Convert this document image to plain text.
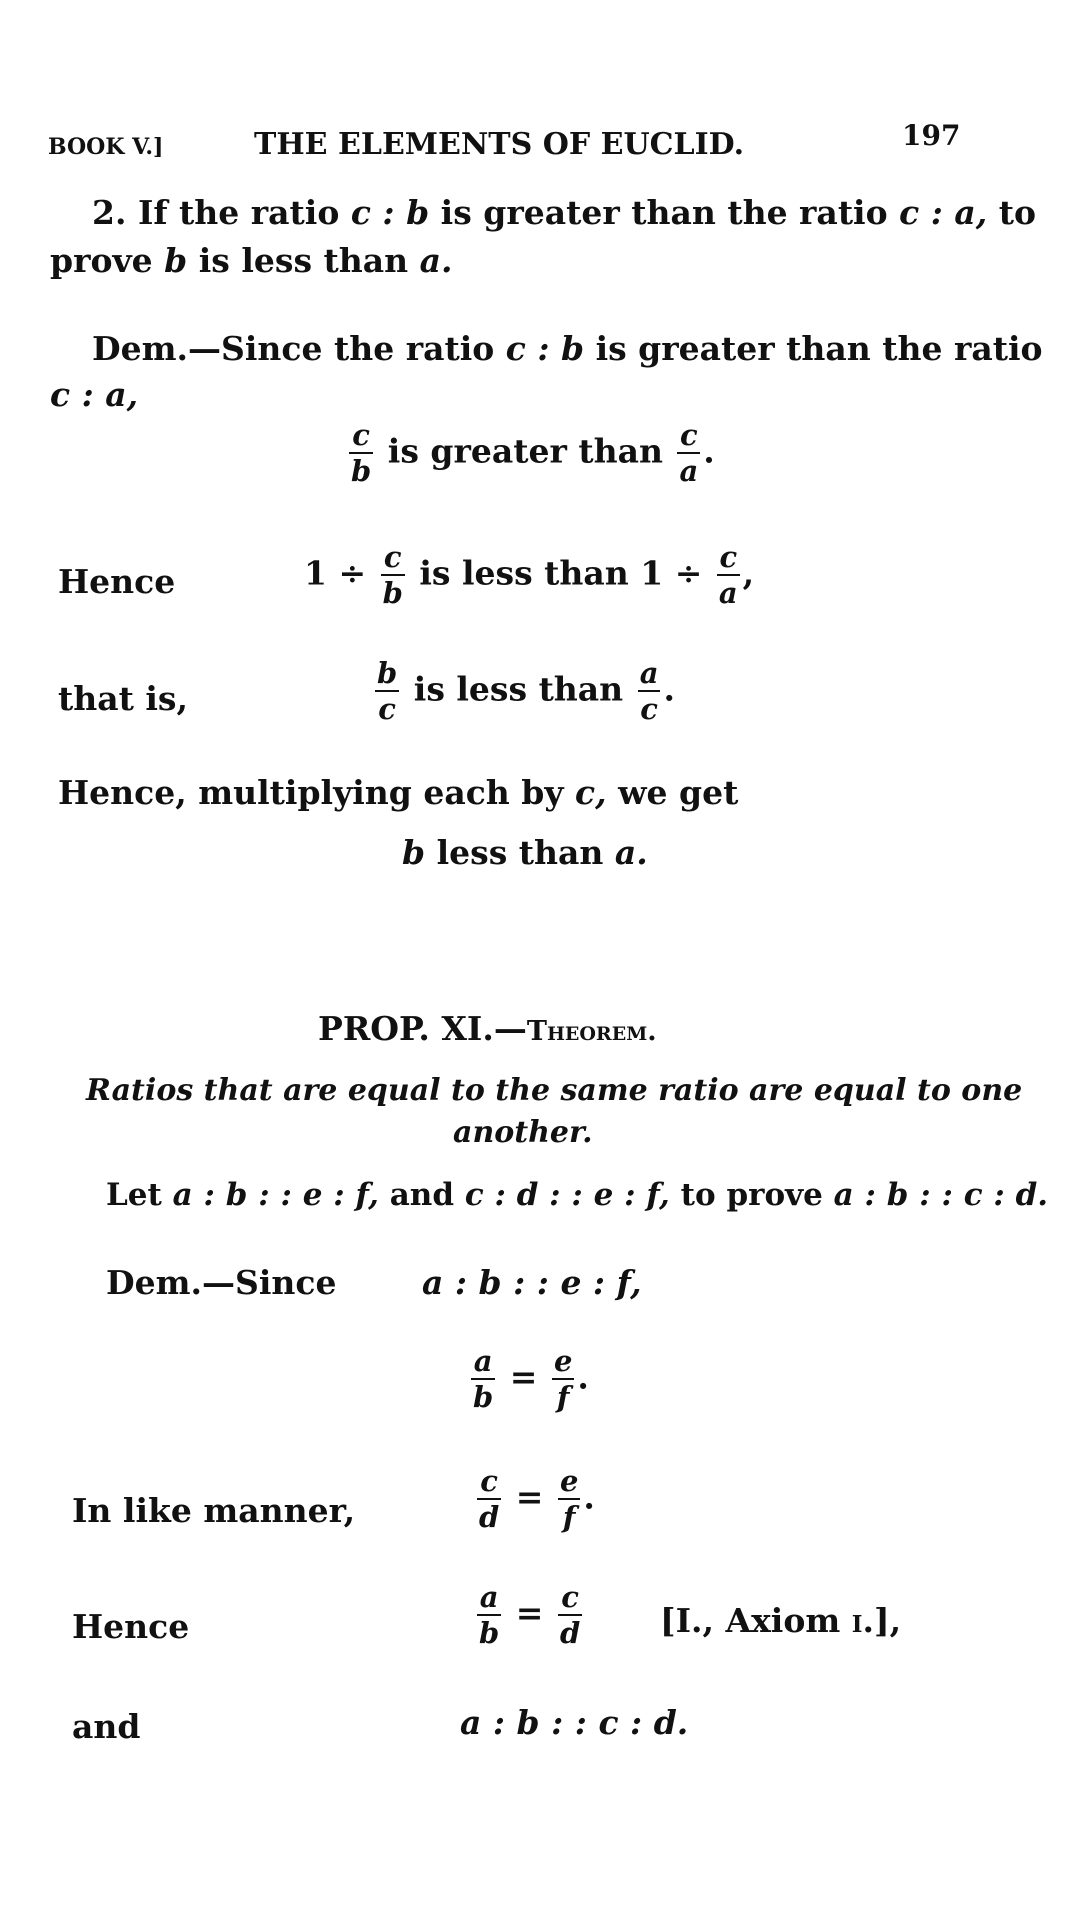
BOOK V.]	THE ELEMENTS OF EUCLID.	197
2. If the ratio c : b is greater than the ratio c : a, to
prove b is less than a.
Dem.—Since the ratio c : b is greater than the ratio
c : a,
$\frac{c}{b}$ is greater than $\frac{c}{a}$ .
Hence	$1 \div \frac{c}{b}$ is less than $1 \div \frac{c}{a}$ ,
that is,	$\frac{b}{c}$ is less than $\frac{a}{c}$ .
Hence, multiplying each by c, we get
b less than a.
PROP. XI.—Theorem.
Ratios that are equal to the same ratio are equal to one
another.
Let a : b : : e : f, and c : d : : e : f, to prove a : b : : c : d.
Dem.—Since	a : b : : e : f,
$\frac{a}{b} = \frac{e}{f}$ .
In like manner,	$\frac{c}{d} = \frac{e}{f}$ .
Hence	$\frac{a}{b} = \frac{c}{d} [I$., Axiom i.],
and	a : b : : c : d.
